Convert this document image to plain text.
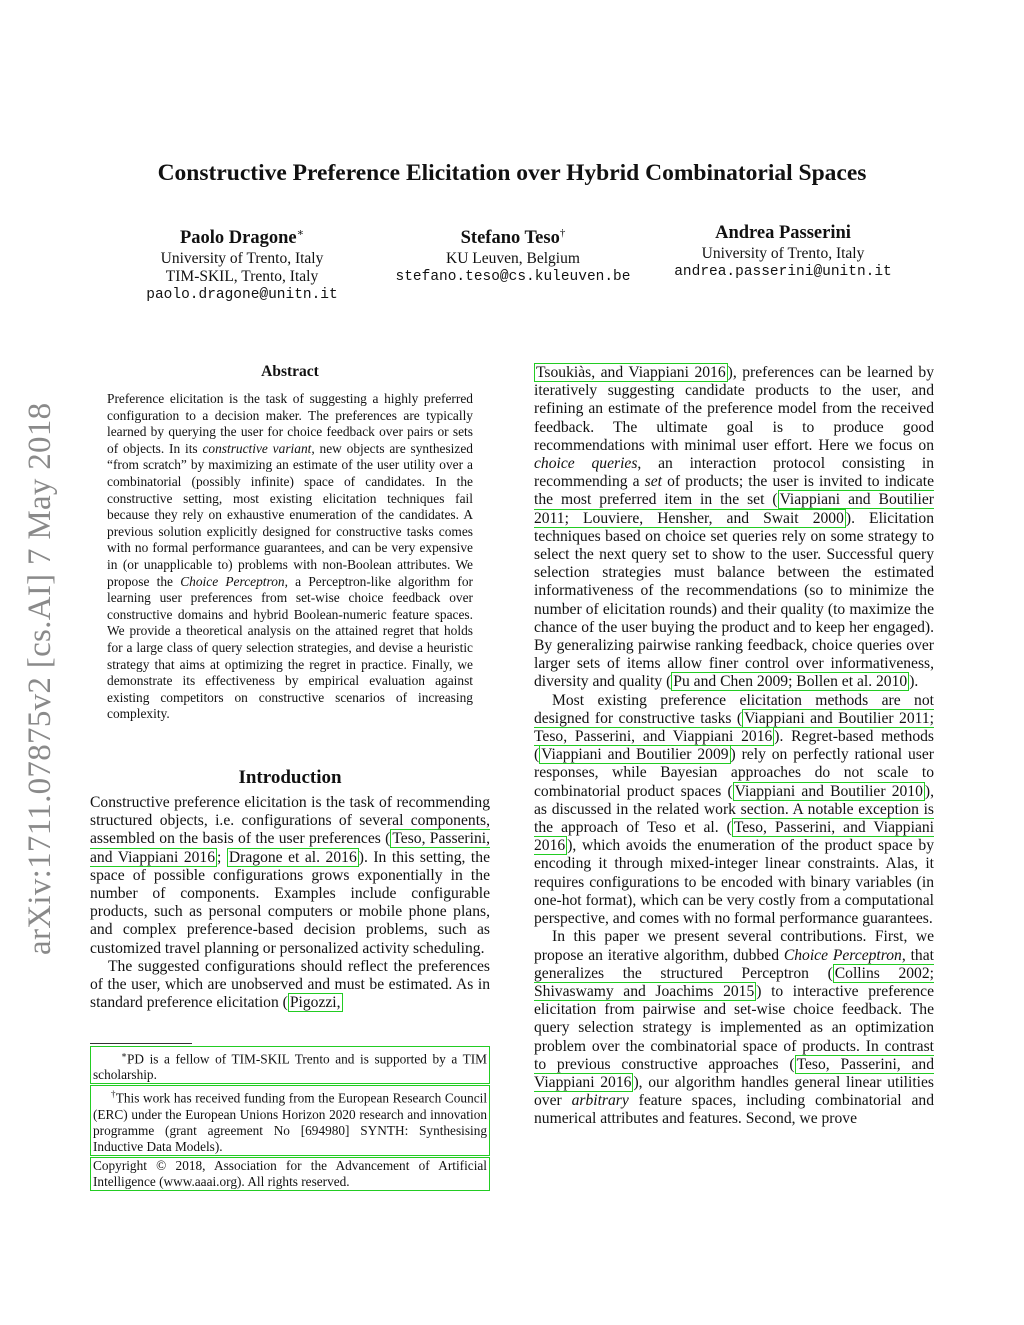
arXiv:1711.07875v2 [cs.AI] 7 May 2018
Constructive Preference Elicitation over Hybrid Combinatorial Spaces
Paolo Dragone∗
University of Trento, Italy
TIM-SKIL, Trento, Italy
paolo.dragone@unitn.it
Stefano Teso†
KU Leuven, Belgium
stefano.teso@cs.kuleuven.be
Andrea Passerini
University of Trento, Italy
andrea.passerini@unitn.it
Abstract
Preference elicitation is the task of suggesting a highly preferred configuration to a decision maker. The preferences are typically learned by querying the user for choice feedback over pairs or sets of objects. In its constructive variant, new objects are synthesized “from scratch” by maximizing an estimate of the user utility over a combinatorial (possibly infinite) space of candidates. In the constructive setting, most existing elicitation techniques fail because they rely on exhaustive enumeration of the candidates. A previous solution explicitly designed for constructive tasks comes with no formal performance guarantees, and can be very expensive in (or unapplicable to) problems with non-Boolean attributes. We propose the Choice Perceptron, a Perceptron-like algorithm for learning user preferences from set-wise choice feedback over constructive domains and hybrid Boolean-numeric feature spaces. We provide a theoretical analysis on the attained regret that holds for a large class of query selection strategies, and devise a heuristic strategy that aims at optimizing the regret in practice. Finally, we demonstrate its effectiveness by empirical evaluation against existing competitors on constructive scenarios of increasing complexity.
Introduction

Constructive preference elicitation is the task of recommending structured objects, i.e. configurations of several components, assembled on the basis of the user preferences ( Teso, Passerini, and Viappiani 2016 ; Dragone et al. 2016 ). In this setting, the space of possible configurations grows exponentially in the number of components. Examples include configurable products, such as personal computers or mobile phone plans, and complex preference-based decision problems, such as customized travel planning or personalized activity scheduling.

The suggested configurations should reflect the preferences of the user, which are unobserved and must be estimated. As in standard preference elicitation ( Pigozzi,

∗PD is a fellow of TIM-SKIL Trento and is supported by a TIM scholarship.
†This work has received funding from the European Research Council (ERC) under the European Unions Horizon 2020 research and innovation programme (grant agreement No [694980] SYNTH: Synthesising Inductive Data Models).
Copyright © 2018, Association for the Advancement of Artificial Intelligence (www.aaai.org). All rights reserved.

Tsoukiàs, and Viappiani 2016 ), preferences can be learned by iteratively suggesting candidate products to the user, and refining an estimate of the preference model from the received feedback. The ultimate goal is to produce good recommendations with minimal user effort. Here we focus on choice queries, an interaction protocol consisting in recommending a set of products; the user is invited to indicate the most preferred item in the set ( Viappiani and Boutilier 2011; Louviere, Hensher, and Swait 2000 ). Elicitation techniques based on choice set queries rely on some strategy to select the next query set to show to the user. Successful query selection strategies must balance between the estimated informativeness of the recommendations (so to minimize the number of elicitation rounds) and their quality (to maximize the chance of the user buying the product and to keep her engaged). By generalizing pairwise ranking feedback, choice queries over larger sets of items allow finer control over informativeness, diversity and quality ( Pu and Chen 2009; Bollen et al. 2010 ).

Most existing preference elicitation methods are not designed for constructive tasks ( Viappiani and Boutilier 2011; Teso, Passerini, and Viappiani 2016 ). Regret-based methods ( Viappiani and Boutilier 2009 ) rely on perfectly rational user responses, while Bayesian approaches do not scale to combinatorial product spaces ( Viappiani and Boutilier 2010 ), as discussed in the related work section. A notable exception is the approach of Teso et al. ( Teso, Passerini, and Viappiani 2016 ), which avoids the enumeration of the product space by encoding it through mixed-integer linear constraints. Alas, it requires configurations to be encoded with binary variables (in one-hot format), which can be very costly from a computational perspective, and comes with no formal performance guarantees.

In this paper we present several contributions. First, we propose an iterative algorithm, dubbed Choice Perceptron, that generalizes the structured Perceptron ( Collins 2002; Shivaswamy and Joachims 2015 ) to interactive preference elicitation from pairwise and set-wise choice feedback. The query selection strategy is implemented as an optimization problem over the combinatorial space of products. In contrast to previous constructive approaches ( Teso, Passerini, and Viappiani 2016 ), our algorithm handles general linear utilities over arbitrary feature spaces, including combinatorial and numerical attributes and features. Second, we prove
